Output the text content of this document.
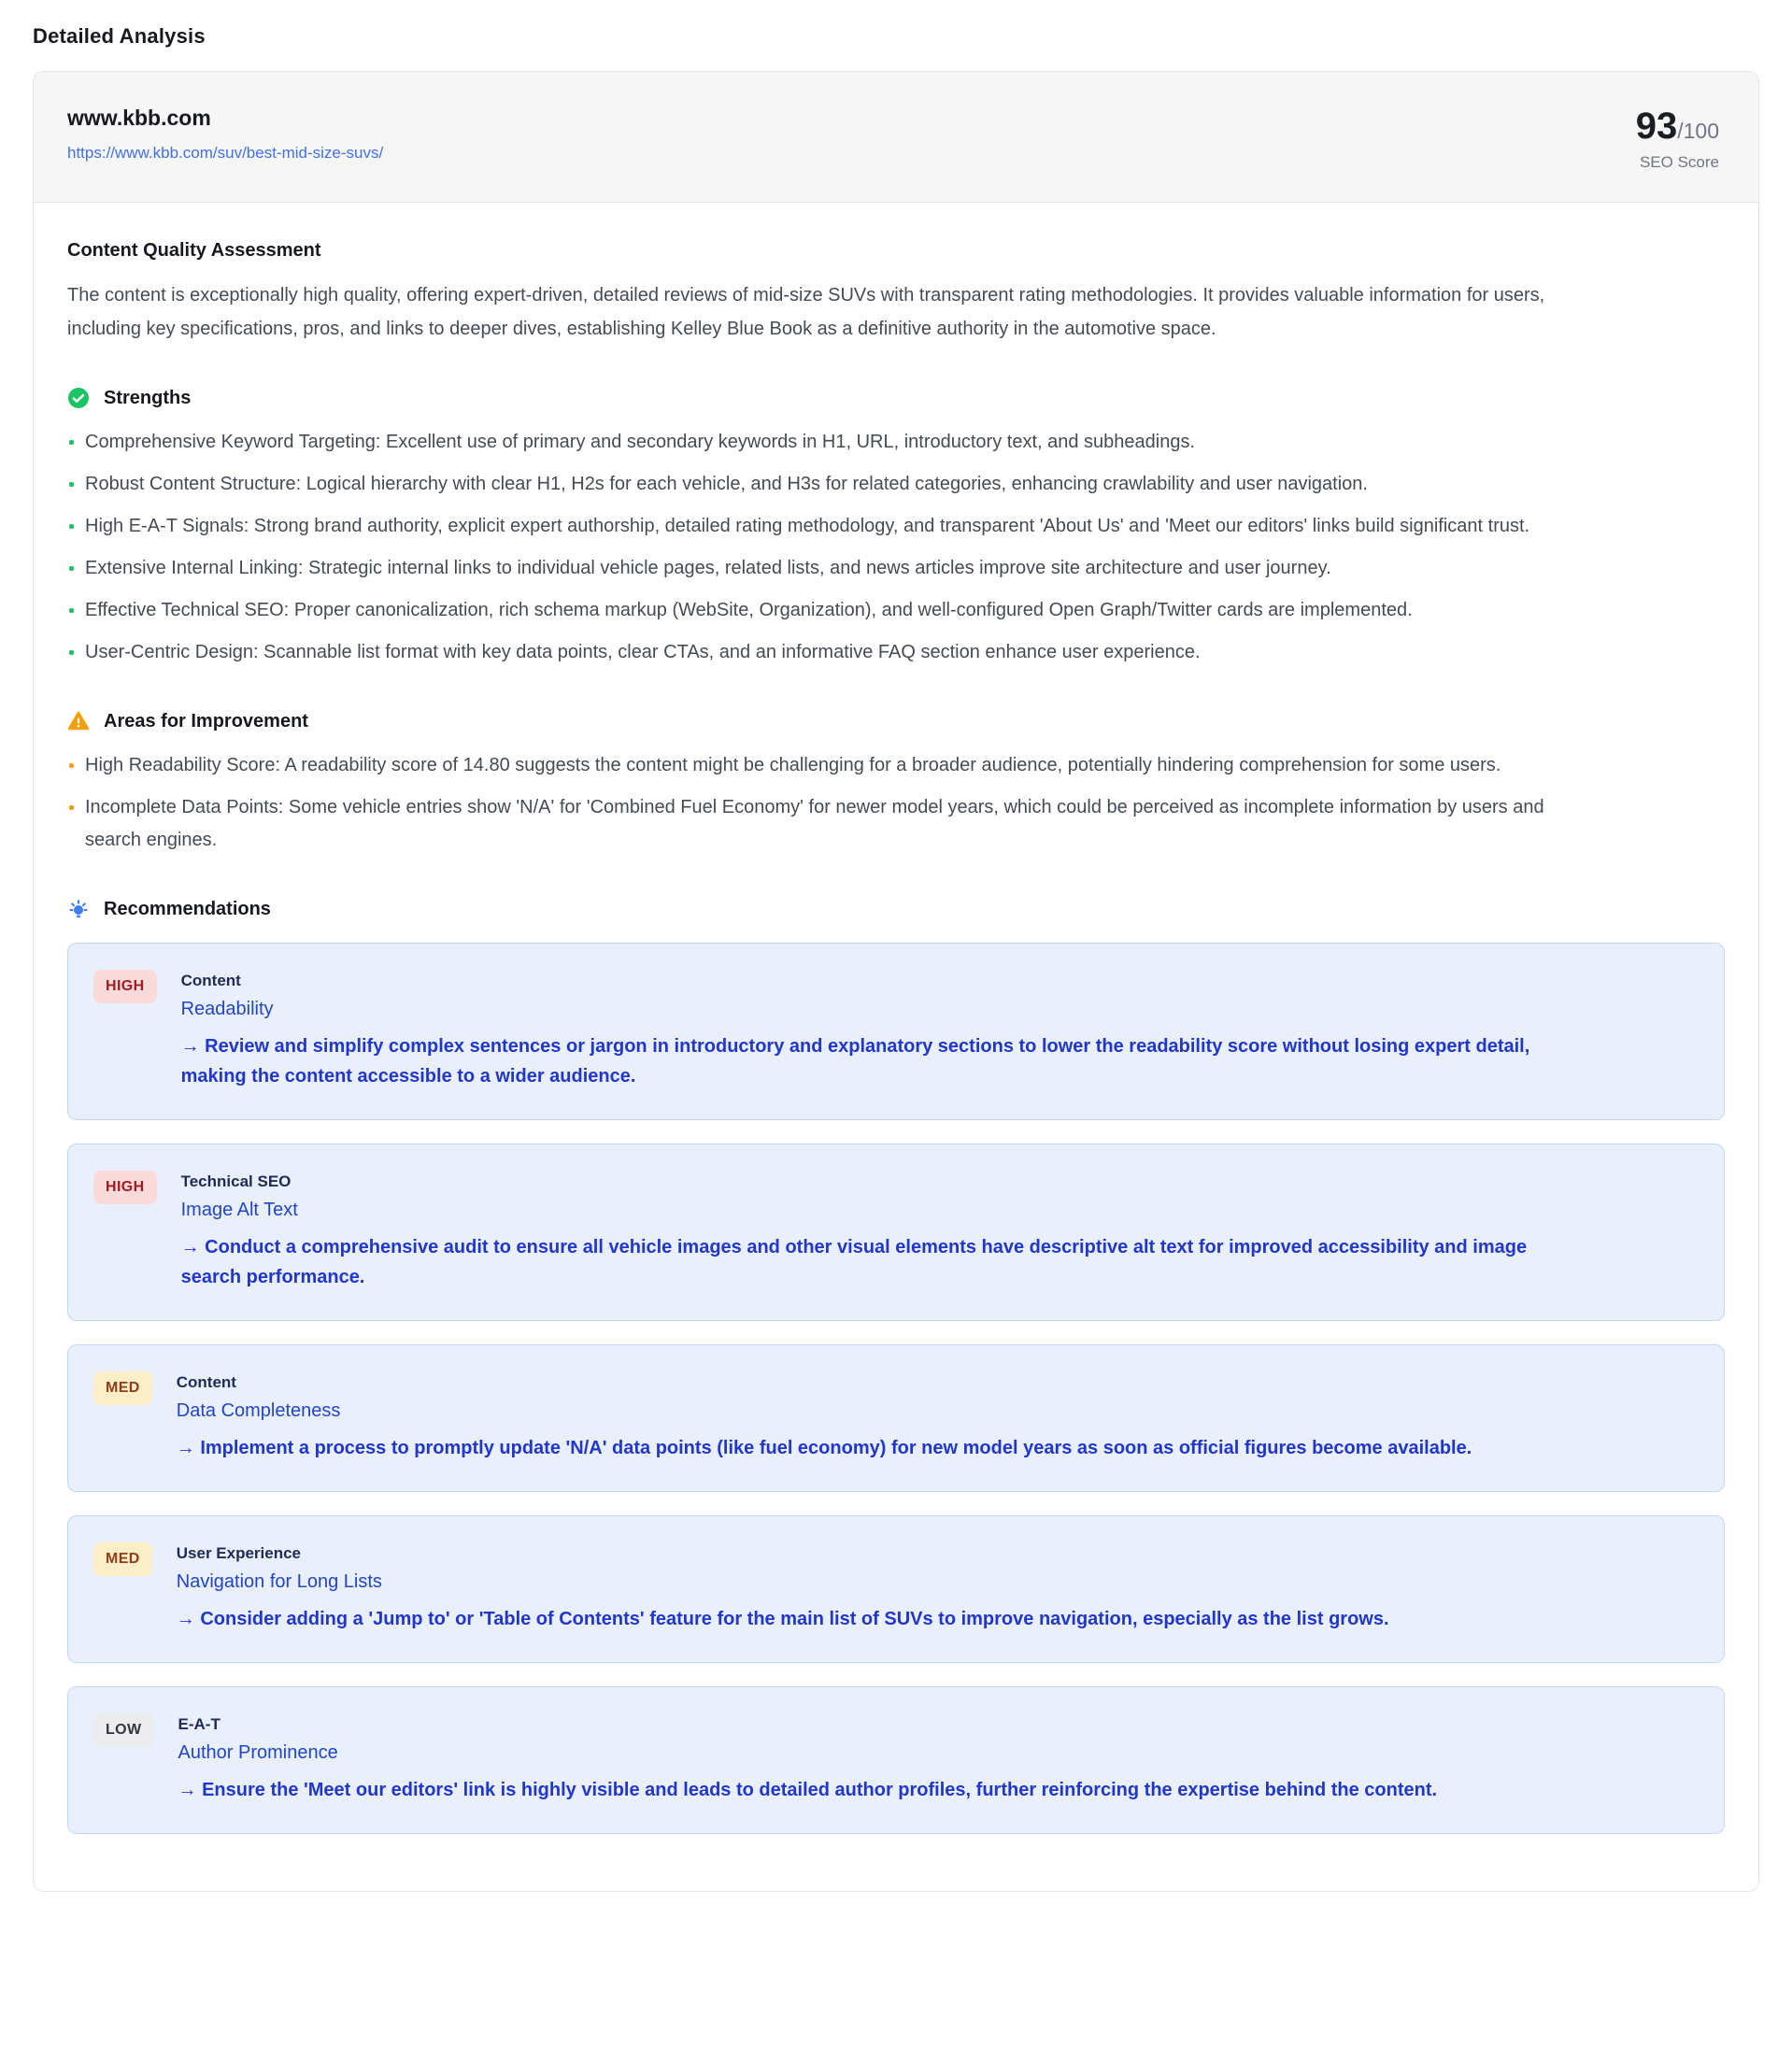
Detailed Analysis
www.kbb.com
https://www.kbb.com/suv/best-mid-size-suvs/
93/100
SEO Score
Content Quality Assessment

The content is exceptionally high quality, offering expert-driven, detailed reviews of mid-size SUVs with transparent rating methodologies. It provides valuable information for users, including key specifications, pros, and links to deeper dives, establishing Kelley Blue Book as a definitive authority in the automotive space.

Strengths
Comprehensive Keyword Targeting: Excellent use of primary and secondary keywords in H1, URL, introductory text, and subheadings.
Robust Content Structure: Logical hierarchy with clear H1, H2s for each vehicle, and H3s for related categories, enhancing crawlability and user navigation.
High E-A-T Signals: Strong brand authority, explicit expert authorship, detailed rating methodology, and transparent 'About Us' and 'Meet our editors' links build significant trust.
Extensive Internal Linking: Strategic internal links to individual vehicle pages, related lists, and news articles improve site architecture and user journey.
Effective Technical SEO: Proper canonicalization, rich schema markup (WebSite, Organization), and well-configured Open Graph/Twitter cards are implemented.
User-Centric Design: Scannable list format with key data points, clear CTAs, and an informative FAQ section enhance user experience.
Areas for Improvement
High Readability Score: A readability score of 14.80 suggests the content might be challenging for a broader audience, potentially hindering comprehension for some users.
Incomplete Data Points: Some vehicle entries show 'N/A' for 'Combined Fuel Economy' for newer model years, which could be perceived as incomplete information by users and search engines.
Recommendations
HIGH	Content
Readability
→ Review and simplify complex sentences or jargon in introductory and explanatory sections to lower the readability score without losing expert detail, making the content accessible to a wider audience.
HIGH	Technical SEO
Image Alt Text
→ Conduct a comprehensive audit to ensure all vehicle images and other visual elements have descriptive alt text for improved accessibility and image search performance.
MED	Content
Data Completeness
→ Implement a process to promptly update 'N/A' data points (like fuel economy) for new model years as soon as official figures become available.
MED	User Experience
Navigation for Long Lists
→ Consider adding a 'Jump to' or 'Table of Contents' feature for the main list of SUVs to improve navigation, especially as the list grows.
LOW	E-A-T
Author Prominence
→ Ensure the 'Meet our editors' link is highly visible and leads to detailed author profiles, further reinforcing the expertise behind the content.
